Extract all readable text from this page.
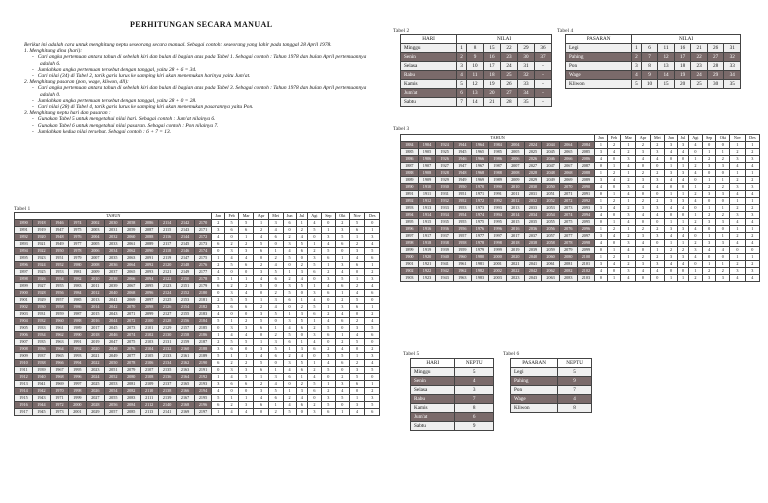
PERHITUNGAN SECARA MANUAL
Berikut ini adalah cara untuk menghitung neptu seseorang secara manual. Sebagai contoh: seseorang yang lahir pada tanggal 28 April 1978.
1. Menghitung dina (hari):
- Cari angka pertemuan antara tahun di sebelah kiri dan bulan di bagian atas pada Tabel 1. Sebagai contoh : Tahun 1978 dan bulan April pertemuannya adalah 6.
- Jumlahkan angka pertemuan tersebut dengan tanggal, yaitu 28 + 6 = 34.
- Cari nilai (34) di Tabel 2, tarik garis lurus ke samping kiri akan menemukan harinya yaitu Jum'at.
2. Menghitung pasaran (pon, wage, kliwon, dll):
- Cari angka pertemuan antara tahun di sebelah kiri dan bulan di bagian atas pada Tabel 3. Sebagai contoh : Tahun 1978 dan bulan April pertemuannya adalah 0.
- Jumlahkan angka pertemuan tersebut dengan tanggal, yaitu 28 + 0 = 28.
- Cari nilai (28) di Tabel 4, tarik garis lurus ke samping kiri akan menemukan pasarannya yaitu Pon.
3. Menghitung neptu hari dan pasaran :
- Gunakan Tabel 5 untuk mengetahui nilai hari. Sebagai contoh : Jum'at nilainya 6.
- Gunakan Tabel 6 untuk mengetahui nilai pasaran. Sebagai contoh : Pon nilainya 7.
- Jumlahkan kedua nilai tersebut. Sebagai contoh : 6 + 7 = 13.
Tabel 1
TAHUN											Jan	Feb	Mar	Apr	Mei	Jun	Jul	Agt	Sep	Okt	Nov	Des
1890	1918	1946	1974	2002	2030	2058	2086	2114	2142	2170	2	5	5	1	3	6	1	4	0	2	5	0
1891	1919	1947	1975	2003	2031	2059	2087	2115	2143	2171	3	6	6	2	4	0	2	5	1	3	6	1
1892	1920	1948	1976	2004	2032	2060	2088	2116	2144	2172	4	0	1	4	6	2	4	0	3	5	1	3
1893	1921	1949	1977	2005	2033	2061	2089	2117	2145	2173	6	2	2	5	0	3	5	1	4	6	2	4
1894	1922	1950	1978	2006	2034	2062	2090	2118	2146	2174	0	3	3	6	1	4	6	2	5	0	3	5
1895	1923	1951	1979	2007	2035	2063	2091	2119	2147	2175	1	4	4	0	2	5	0	3	6	1	4	6
1896	1924	1952	1980	2008	2036	2064	2092	2120	2148	2176	2	5	6	2	4	0	2	5	1	3	6	1
1897	1925	1953	1981	2009	2037	2065	2093	2121	2149	2177	4	0	0	3	5	1	3	6	2	4	0	2
1898	1926	1954	1982	2010	2038	2066	2094	2122	2150	2178	5	1	1	4	6	2	4	0	3	5	1	3
1899	1927	1955	1983	2011	2039	2067	2095	2123	2151	2179	6	2	2	5	0	3	5	1	4	6	2	4
1900	1928	1956	1984	2012	2040	2068	2096	2124	2152	2180	0	3	4	0	2	5	0	3	6	1	4	6
1901	1929	1957	1985	2013	2041	2069	2097	2125	2153	2181	2	5	5	1	3	6	1	4	0	2	5	0
1902	1930	1958	1986	2014	2042	2070	2098	2126	2154	2182	3	6	6	2	4	0	2	5	1	3	6	1
1903	1931	1959	1987	2015	2043	2071	2099	2127	2155	2183	4	0	0	3	5	1	3	6	2	4	0	2
1904	1932	1960	1988	2016	2044	2072	2100	2128	2156	2184	5	1	2	5	0	3	5	1	4	6	2	4
1905	1933	1961	1989	2017	2045	2073	2101	2129	2157	2185	0	3	3	6	1	4	6	2	5	0	3	5
1906	1934	1962	1990	2018	2046	2074	2102	2130	2158	2186	1	4	4	0	2	5	0	3	6	1	4	6
1907	1935	1963	1991	2019	2047	2075	2103	2131	2159	2187	2	5	5	1	3	6	1	4	0	2	5	0
1908	1936	1964	1992	2020	2048	2076	2104	2132	2160	2188	3	6	0	3	5	1	3	6	2	4	0	2
1909	1937	1965	1993	2021	2049	2077	2105	2133	2161	2189	5	1	1	4	6	2	4	0	3	5	1	3
1910	1938	1966	1994	2022	2050	2078	2106	2134	2162	2190	6	2	2	5	0	3	5	1	4	6	2	4
1911	1939	1967	1995	2023	2051	2079	2107	2135	2163	2191	0	3	3	6	1	4	6	2	5	0	3	5
1912	1940	1968	1996	2024	2052	2080	2108	2136	2164	2192	1	4	5	1	3	6	1	4	0	2	5	0
1913	1941	1969	1997	2025	2053	2081	2109	2137	2165	2193	3	6	6	2	4	0	2	5	1	3	6	1
1914	1942	1970	1998	2026	2054	2082	2110	2138	2166	2194	4	0	0	3	5	1	3	6	2	4	0	2
1915	1943	1971	1999	2027	2055	2083	2111	2139	2167	2195	5	1	1	4	6	2	4	0	3	5	1	3
1916	1944	1972	2000	2028	2056	2084	2112	2140	2168	2196	6	2	3	6	1	4	6	2	5	0	3	5
1917	1945	1973	2001	2029	2057	2085	2113	2141	2169	2197	1	4	4	0	2	5	0	3	6	1	4	6
Tabel 2
HARI	NILAI					
Minggu	1	8	15	22	29	36
Senin	2	9	16	23	30	37
Selasa	3	10	17	24	31	-
Rabu	4	11	18	25	32	-
Kamis	5	12	19	26	33	-
Jum'at	6	13	20	27	34	-
Sabtu	7	14	21	28	35	-
Tabel 4
PASARAN	NILAI						
Legi	1	6	11	16	21	26	31
Pahing	2	7	12	17	22	27	32
Pon	3	8	13	18	23	28	33
Wage	4	9	14	19	24	29	34
Kliwon	5	10	15	20	25	30	35
Tabel 3
TAHUN											Jan	Feb	Mar	Apr	Mei	Jun	Jul	Agt	Sep	Okt	Nov	Des
1884	1904	1924	1944	1964	1984	2004	2024	2044	2064	2084	1	2	1	2	2	3	3	4	0	0	1	1
1885	1905	1925	1945	1965	1985	2005	2025	2045	2065	2085	3	4	2	3	3	4	4	0	1	1	2	2
1886	1906	1926	1946	1966	1986	2006	2026	2046	2066	2086	4	0	3	4	4	0	0	1	2	2	3	3
1887	1907	1927	1947	1967	1987	2007	2027	2047	2067	2087	0	1	4	0	0	1	1	2	3	3	4	4
1888	1908	1928	1948	1968	1988	2008	2028	2048	2068	2088	1	2	1	2	2	3	3	4	0	0	1	1
1889	1909	1929	1949	1969	1989	2009	2029	2049	2069	2089	3	4	2	3	3	4	4	0	1	1	2	2
1890	1910	1930	1950	1970	1990	2010	2030	2050	2070	2090	4	0	3	4	4	0	0	1	2	2	3	3
1891	1911	1931	1951	1971	1991	2011	2031	2051	2071	2091	0	1	4	0	0	1	1	2	3	3	4	4
1892	1912	1932	1952	1972	1992	2012	2032	2052	2072	2092	1	2	1	2	2	3	3	4	0	0	1	1
1893	1913	1933	1953	1973	1993	2013	2033	2053	2073	2093	3	4	2	3	3	4	4	0	1	1	2	2
1894	1914	1934	1954	1974	1994	2014	2034	2054	2074	2094	4	0	3	4	4	0	0	1	2	2	3	3
1895	1915	1935	1955	1975	1995	2015	2035	2055	2075	2095	0	1	4	0	0	1	1	2	3	3	4	4
1896	1916	1936	1956	1976	1996	2016	2036	2056	2076	2096	1	2	1	2	2	3	3	4	0	0	1	1
1897	1917	1937	1957	1977	1997	2017	2037	2057	2077	2097	3	4	2	3	3	4	4	0	1	1	2	2
1898	1918	1938	1958	1978	1998	2018	2038	2058	2078	2098	4	0	3	4	0	1	1	2	3	3	4	4
1899	1919	1939	1959	1979	1999	2019	2039	2059	2079	2099	0	1	4	0	1	2	2	3	4	4	0	0
1900	1920	1940	1960	1980	2000	2020	2040	2060	2080	2100	1	2	1	2	2	3	3	4	0	0	1	1
1901	1921	1941	1961	1981	2001	2021	2041	2061	2081	2101	3	4	2	3	3	4	4	0	1	1	2	2
1902	1922	1942	1962	1982	2002	2022	2042	2062	2082	2102	4	0	3	4	4	0	0	1	2	2	3	3
1903	1923	1943	1963	1983	2003	2023	2043	2063	2083	2103	0	1	4	0	0	1	1	2	3	3	4	4
Tabel 5
HARI	NEPTU
Minggu	5
Senin	4
Selasa	3
Rabu	7
Kamis	8
Jum'at	6
Sabtu	9
Tabel 6
PASARAN	NEPTU
Legi	5
Pahing	9
Pon	7
Wage	4
Kliwon	8
